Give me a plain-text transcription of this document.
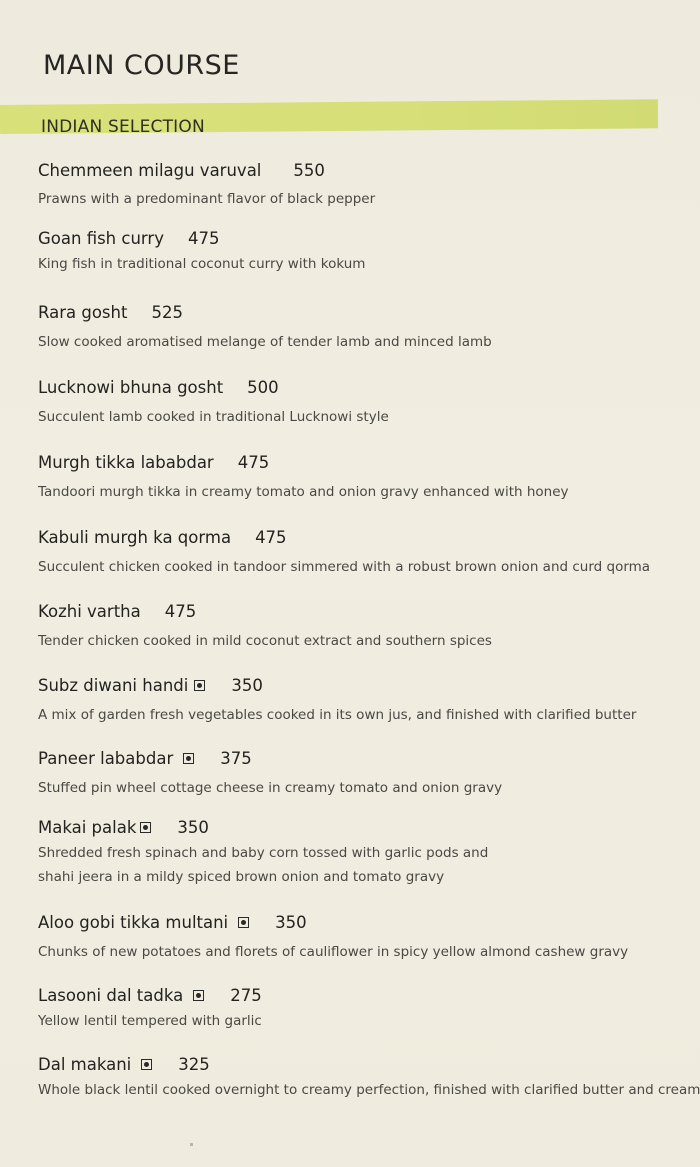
MAIN COURSE
INDIAN SELECTION
Chemmeen milagu varuval 550
Prawns with a predominant flavor of black pepper
Goan fish curry 475
King fish in traditional coconut curry with kokum
Rara gosht 525
Slow cooked aromatised melange of tender lamb and minced lamb
Lucknowi bhuna gosht 500
Succulent lamb cooked in traditional Lucknowi style
Murgh tikka lababdar 475
Tandoori murgh tikka in creamy tomato and onion gravy enhanced with honey
Kabuli murgh ka qorma 475
Succulent chicken cooked in tandoor simmered with a robust brown onion and curd qorma
Kozhi vartha 475
Tender chicken cooked in mild coconut extract and southern spices
Subz diwani handi	350
A mix of garden fresh vegetables cooked in its own jus, and finished with clarified butter
Paneer lababdar	375
Stuffed pin wheel cottage cheese in creamy tomato and onion gravy
Makai palak 350
Shredded fresh spinach and baby corn tossed with garlic pods and shahi jeera in a mildy spiced brown onion and tomato gravy
Aloo gobi tikka multani	350
Chunks of new potatoes and florets of cauliflower in spicy yellow almond cashew gravy
Lasooni dal tadka	275
Yellow lentil tempered with garlic
Dal makani	325
Whole black lentil cooked overnight to creamy perfection, finished with clarified butter and cream
